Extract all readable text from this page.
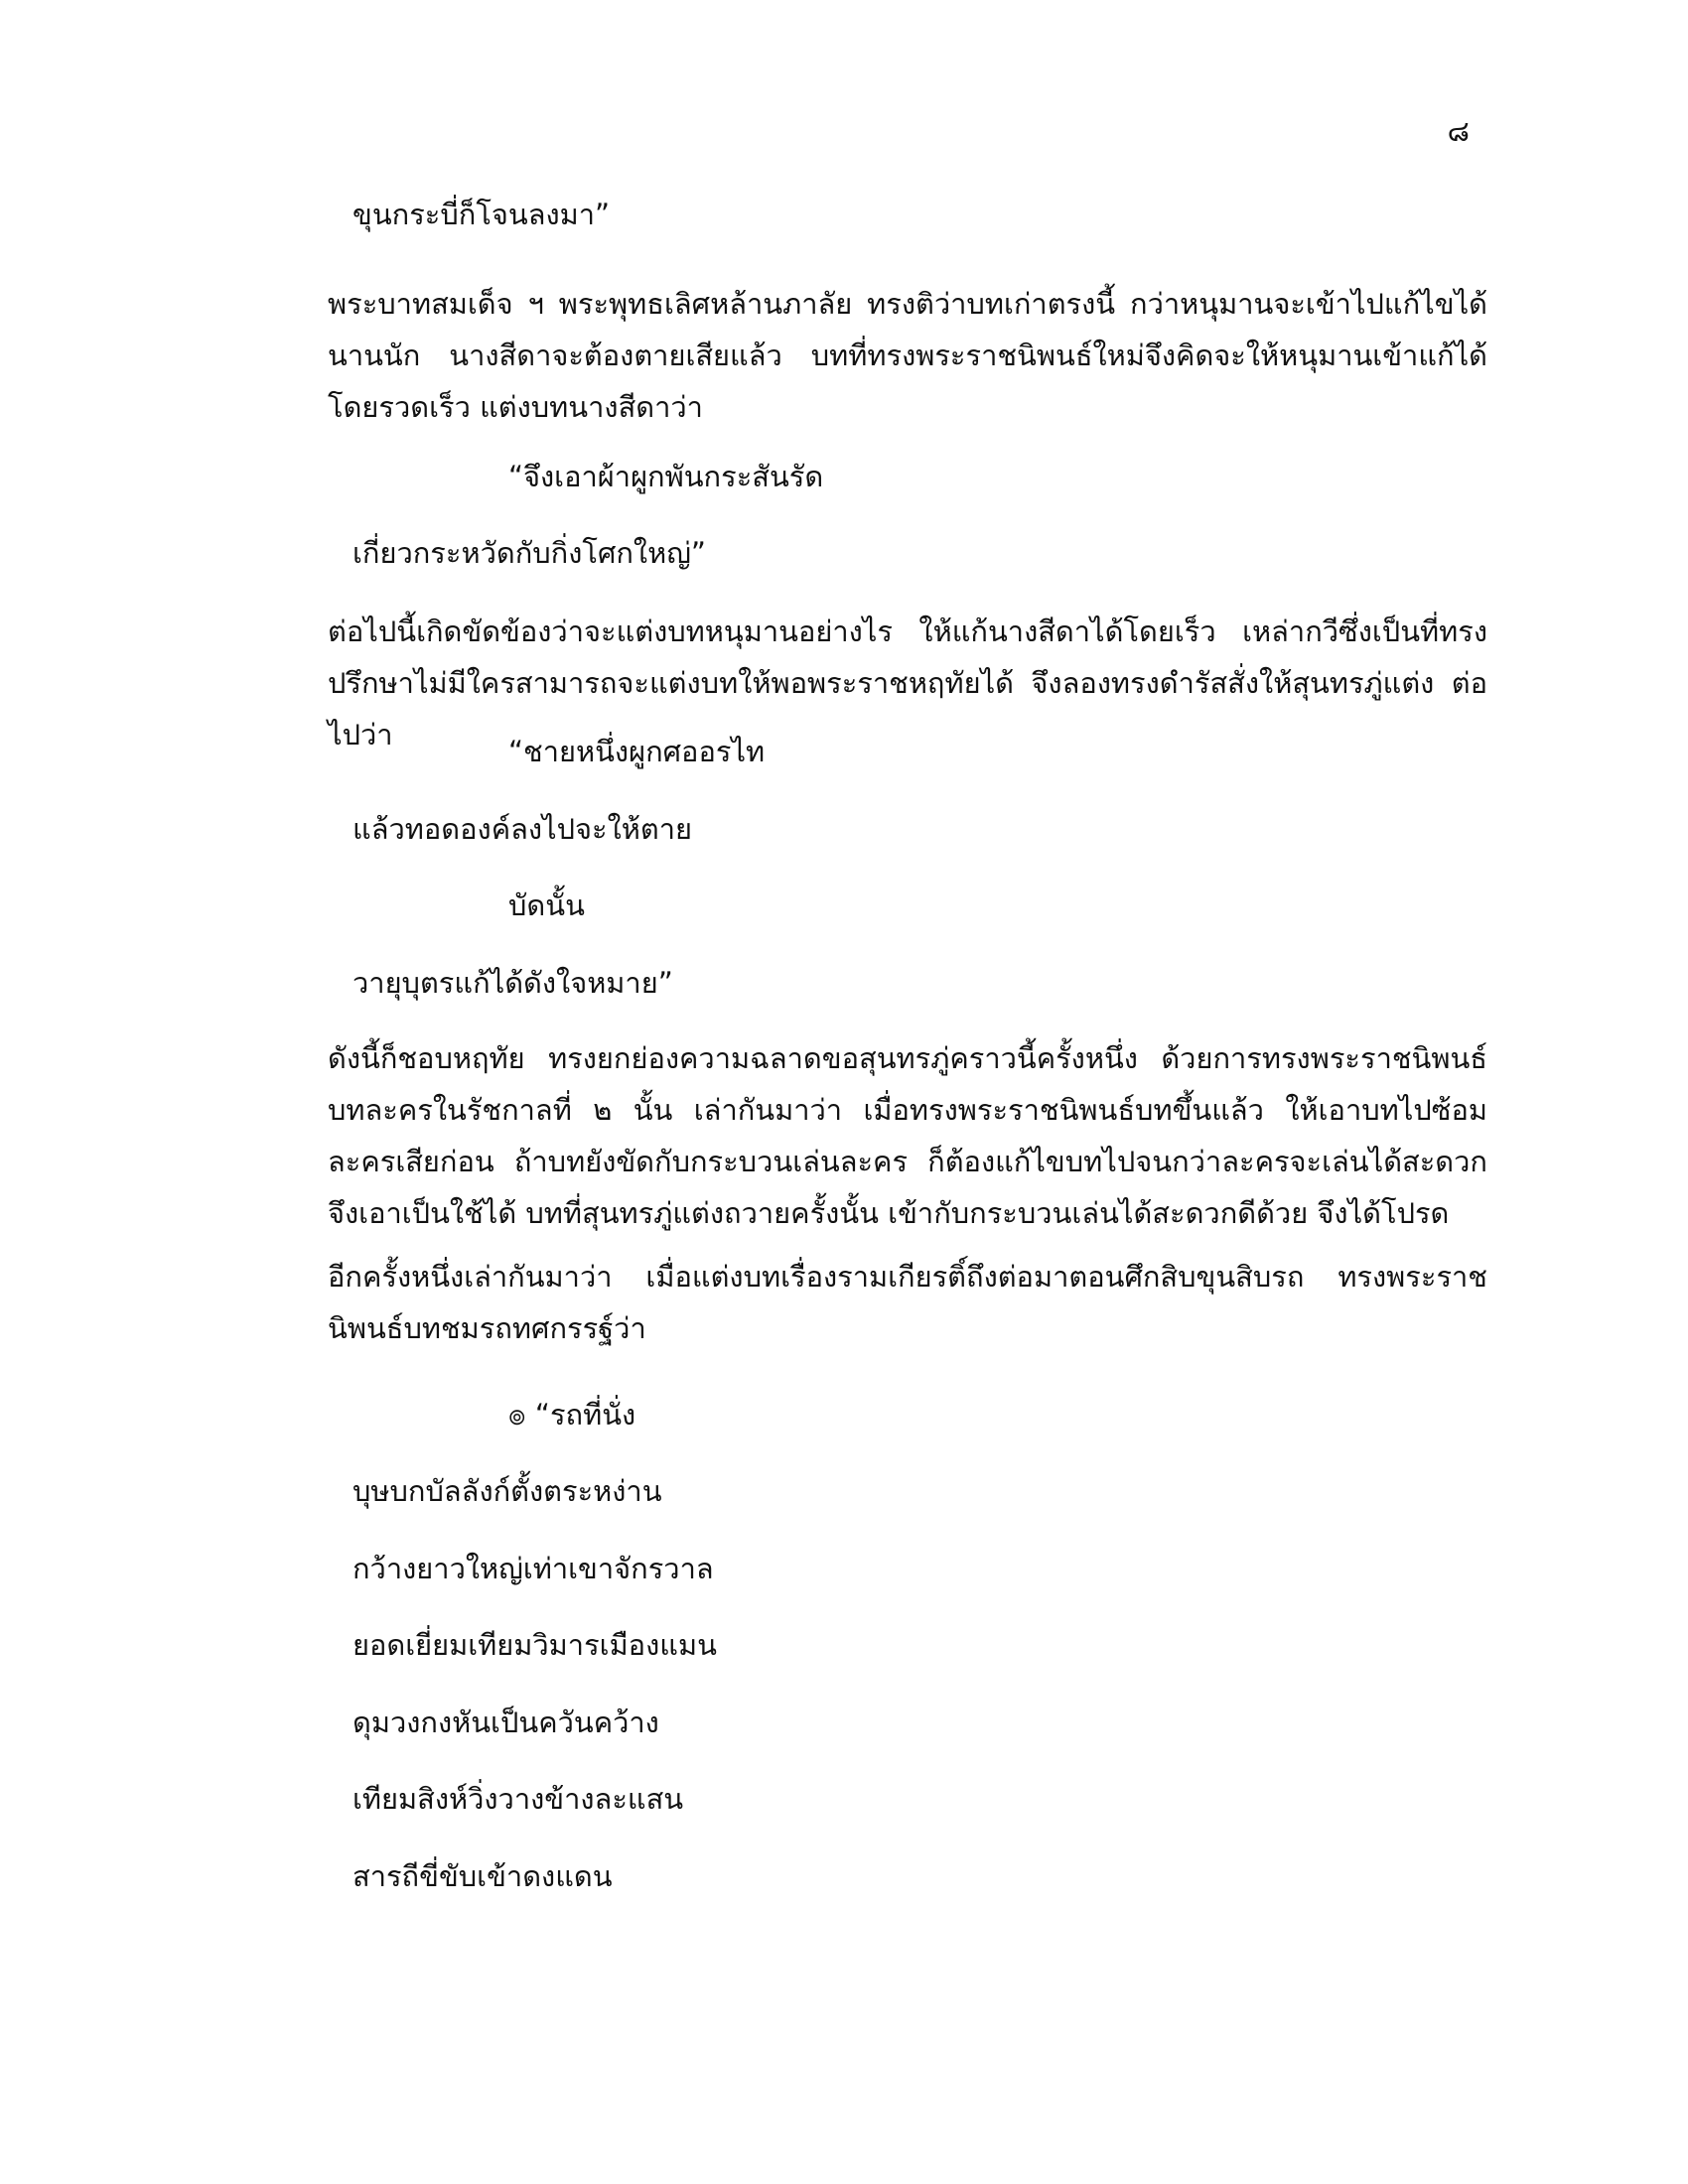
๘
ขุนกระบี่ก็โจนลงมา”
พระบาทสมเด็จ ฯ พระพุทธเลิศหล้านภาลัย ทรงติว่าบทเก่าตรงนี้ กว่าหนุมานจะเข้าไปแก้ไขได้นานนัก นางสีดาจะต้องตายเสียแล้ว บทที่ทรงพระราชนิพนธ์ใหม่จึงคิดจะให้หนุมานเข้าแก้ได้โดยรวดเร็ว แต่งบทนางสีดาว่า
“จึงเอาผ้าผูกพันกระสันรัด
เกี่ยวกระหวัดกับกิ่งโศกใหญ่”
ต่อไปนี้เกิดขัดข้องว่าจะแต่งบทหนุมานอย่างไร ให้แก้นางสีดาได้โดยเร็ว เหล่ากวีซึ่งเป็นที่ทรงปรึกษาไม่มีใครสามารถจะแต่งบทให้พอพระราชหฤทัยได้ จึงลองทรงดำรัสสั่งให้สุนทรภู่แต่ง ต่อไปว่า	“ชายหนึ่งผูกศออรไท
แล้วทอดองค์ลงไปจะให้ตาย
บัดนั้น
วายุบุตรแก้ได้ดังใจหมาย”
ดังนี้ก็ชอบหฤทัย ทรงยกย่องความฉลาดขอสุนทรภู่คราวนี้ครั้งหนึ่ง ด้วยการทรงพระราชนิพนธ์บทละครในรัชกาลที่ ๒ นั้น เล่ากันมาว่า เมื่อทรงพระราชนิพนธ์บทขึ้นแล้ว ให้เอาบทไปซ้อมละครเสียก่อน ถ้าบทยังขัดกับกระบวนเล่นละคร ก็ต้องแก้ไขบทไปจนกว่าละครจะเล่นได้สะดวก จึงเอาเป็นใช้ได้ บทที่สุนทรภู่แต่งถวายครั้งนั้น เข้ากับกระบวนเล่นได้สะดวกดีด้วย จึงได้โปรด
อีกครั้งหนึ่งเล่ากันมาว่า เมื่อแต่งบทเรื่องรามเกียรติ์ถึงต่อมาตอนศึกสิบขุนสิบรถ ทรงพระราชนิพนธ์บทชมรถทศกรรฐ์ว่า
๏ “รถที่นั่ง
บุษบกบัลลังก์ตั้งตระหง่าน
กว้างยาวใหญ่เท่าเขาจักรวาล
ยอดเยี่ยมเทียมวิมารเมืองแมน
ดุมวงกงหันเป็นควันคว้าง
เทียมสิงห์วิ่งวางข้างละแสน
สารถีขี่ขับเข้าดงแดน
